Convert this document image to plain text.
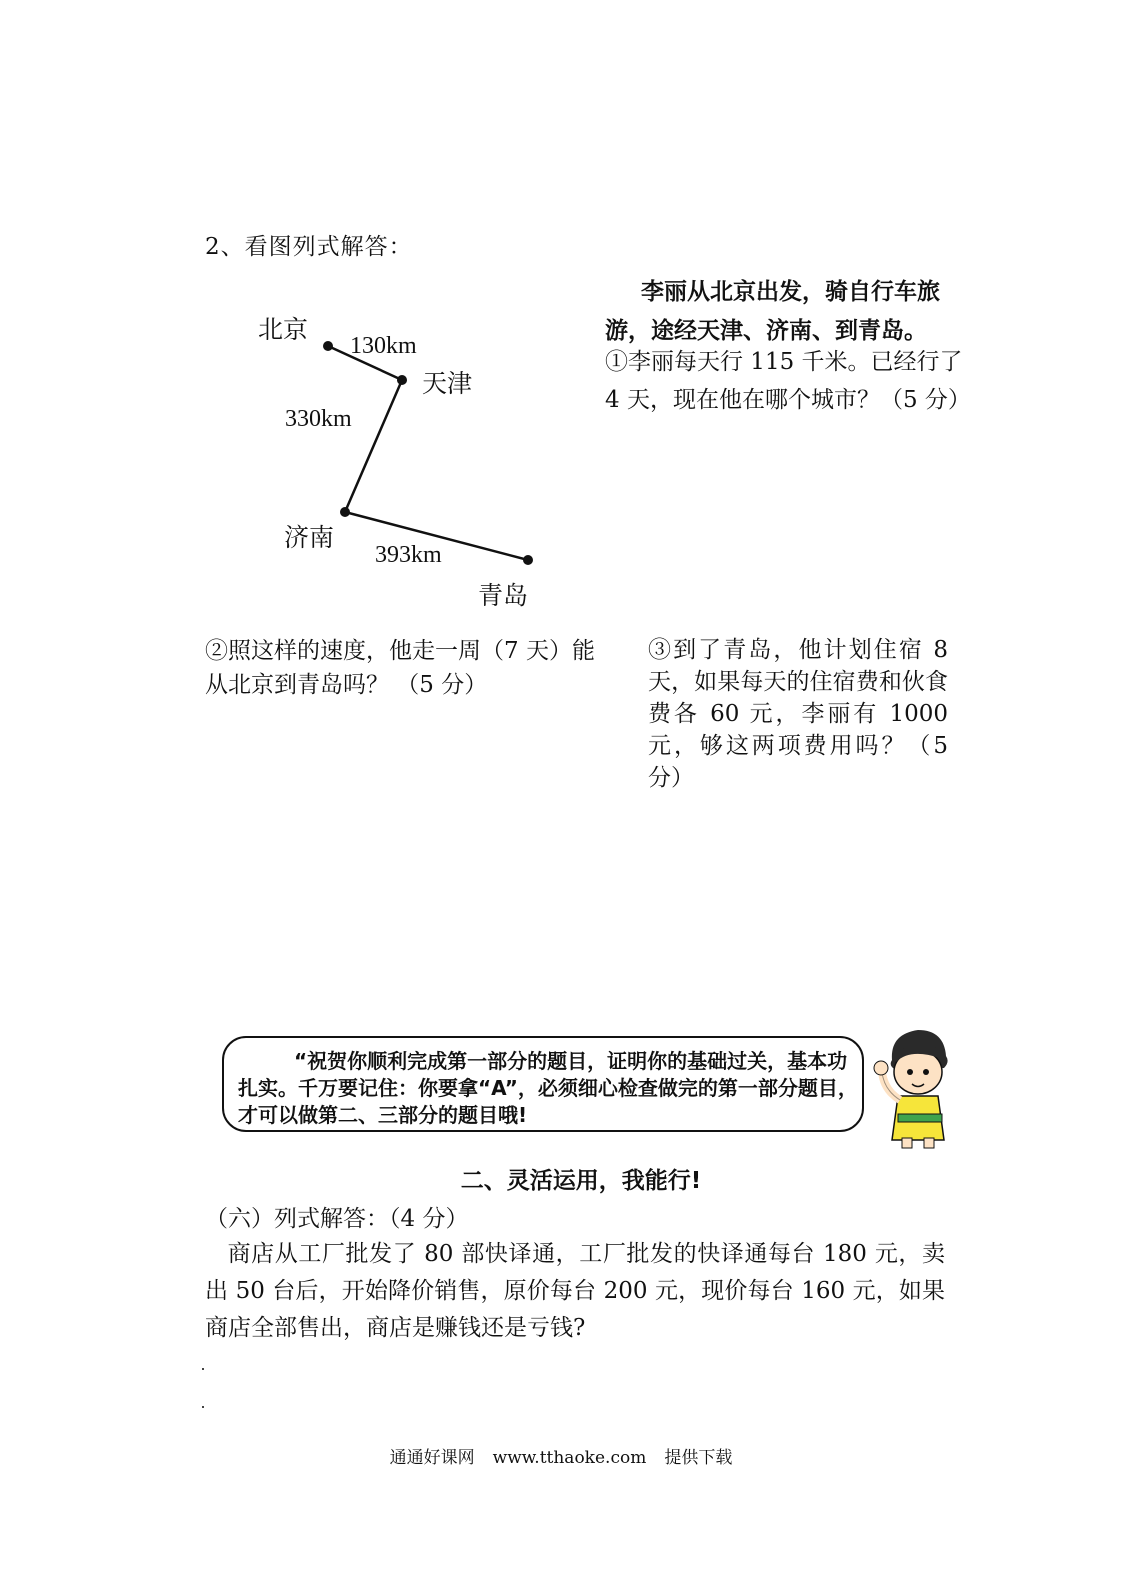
2、看图列式解答：
北京
天津
济南
青岛
130km
330km
393km
李丽从北京出发，骑自行车旅
游，途经天津、济南、到青岛。
①李丽每天行 115 千米。已经行了 4 天，现在他在哪个城市？（5 分）
②照这样的速度，他走一周（7 天）能从北京到青岛吗？ （5 分）
③到了青岛，他计划住宿 8 天，如果每天的住宿费和伙食费各 60 元，李丽有 1000 元，够这两项费用吗？（5 分）
“祝贺你顺利完成第一部分的题目，证明你的基础过关，基本功扎实。千万要记住：你要拿“A”，必须细心检查做完的第一部分题目，才可以做第二、三部分的题目哦!
二、灵活运用，我能行!
（六）列式解答：（4 分）
商店从工厂批发了 80 部快译通，工厂批发的快译通每台 180 元，卖出 50 台后，开始降价销售，原价每台 200 元，现价每台 160 元，如果商店全部售出，商店是赚钱还是亏钱?
通通好课网 www.tthaoke.com 提供下载
